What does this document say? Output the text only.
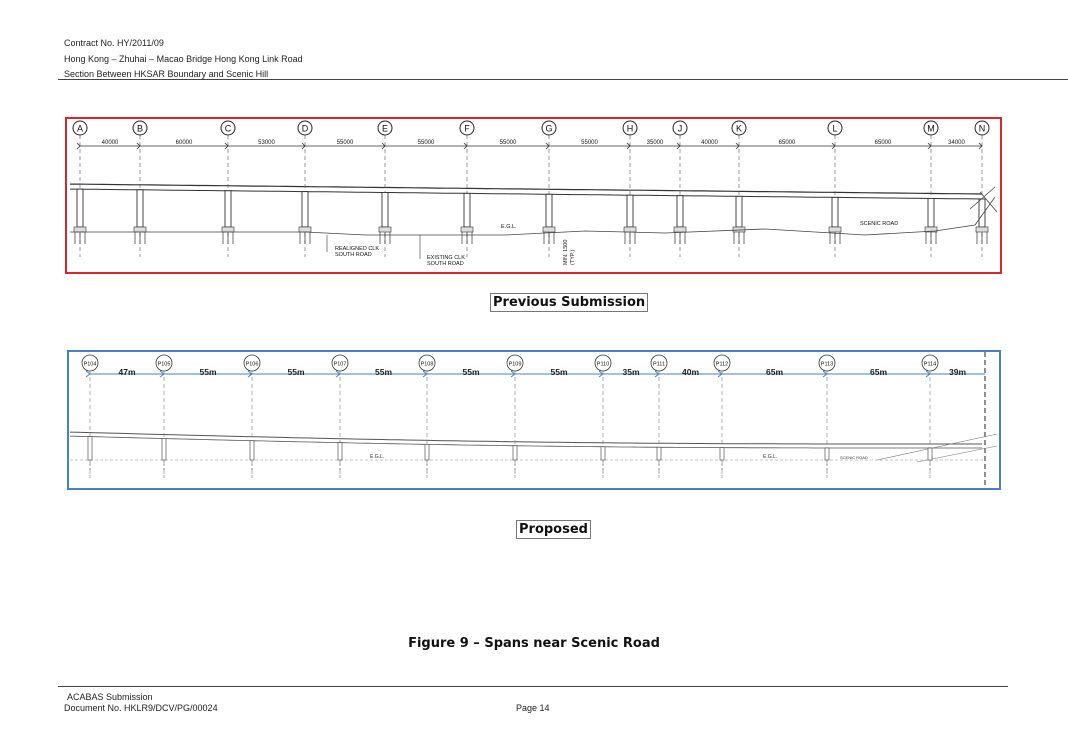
Contract No. HY/2011/09
Hong Kong – Zhuhai – Macao Bridge Hong Kong Link Road
Section Between HKSAR Boundary and Scenic Hill
A
40000
B
60000
C
53000
D
55000
E
55000
F
55000
G
55000
H
35000
J
40000
K
65000
L
65000
M
34000
N
REALIGNED CLK
SOUTH ROAD	EXISTING CLK
SOUTH ROAD
E.G.L.	SCENIC ROAD
MIN. 1500 (TYP.)
Previous Submission
P104
47m
P105
55m
P106
55m
P107
55m
P108
55m
P109
55m
P110
35m
P111
40m
P112
65m
P113
65m
P114
39m
E.G.L.	E.G.L.	SCENIC ROAD
Proposed
Figure 9 – Spans near Scenic Road
ACABAS Submission
Document No. HKLR9/DCV/PG/00024	Page 14
